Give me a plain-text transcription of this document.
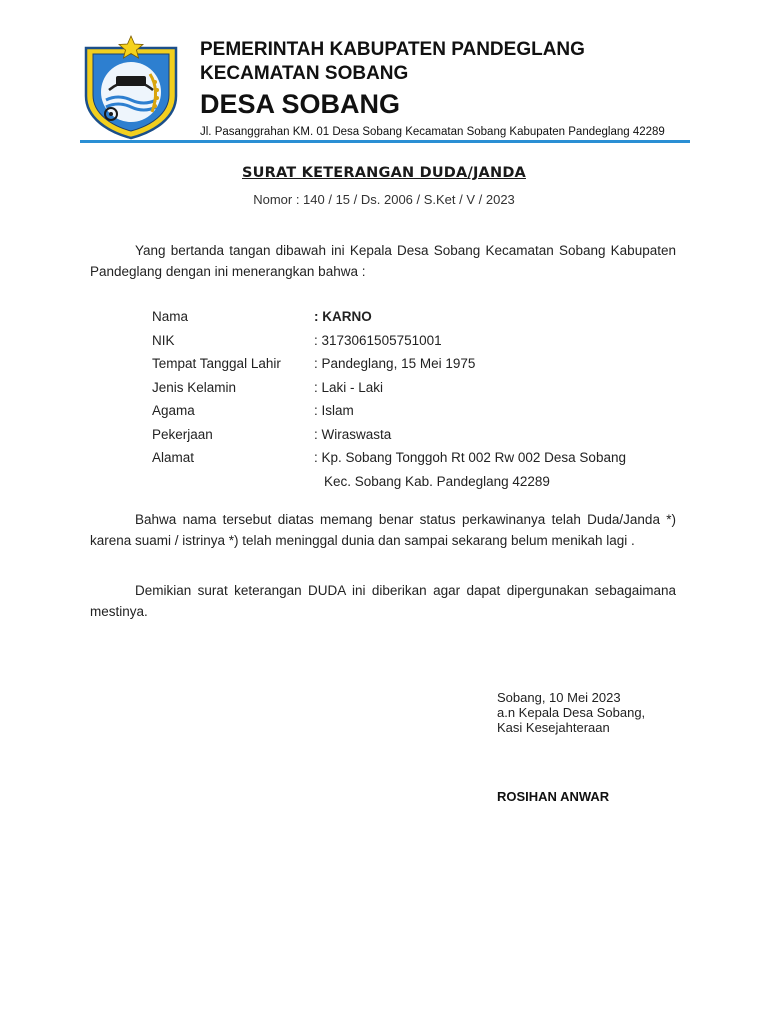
PEMERINTAH KABUPATEN PANDEGLANG
KECAMATAN SOBANG
DESA SOBANG
Jl. Pasanggrahan KM. 01 Desa Sobang Kecamatan Sobang Kabupaten Pandeglang 42289
SURAT KETERANGAN DUDA/JANDA
Nomor : 140 / 15 / Ds. 2006 / S.Ket / V / 2023
Yang bertanda tangan dibawah ini Kepala Desa Sobang Kecamatan Sobang Kabupaten Pandeglang dengan ini menerangkan bahwa :
Nama	: KARNO
NIK	: 3173061505751001
Tempat Tanggal Lahir	: Pandeglang, 15 Mei 1975
Jenis Kelamin	: Laki - Laki
Agama	: Islam
Pekerjaan	: Wiraswasta
Alamat	: Kp. Sobang Tonggoh Rt 002 Rw 002 Desa Sobang
Kec. Sobang Kab. Pandeglang 42289
Bahwa nama tersebut diatas memang benar status perkawinanya telah Duda/Janda *) karena suami / istrinya *) telah meninggal dunia dan sampai sekarang belum menikah lagi .
Demikian surat keterangan DUDA ini diberikan agar dapat dipergunakan sebagaimana mestinya.
Sobang, 10 Mei 2023
a.n Kepala Desa Sobang,
Kasi Kesejahteraan
ROSIHAN ANWAR
